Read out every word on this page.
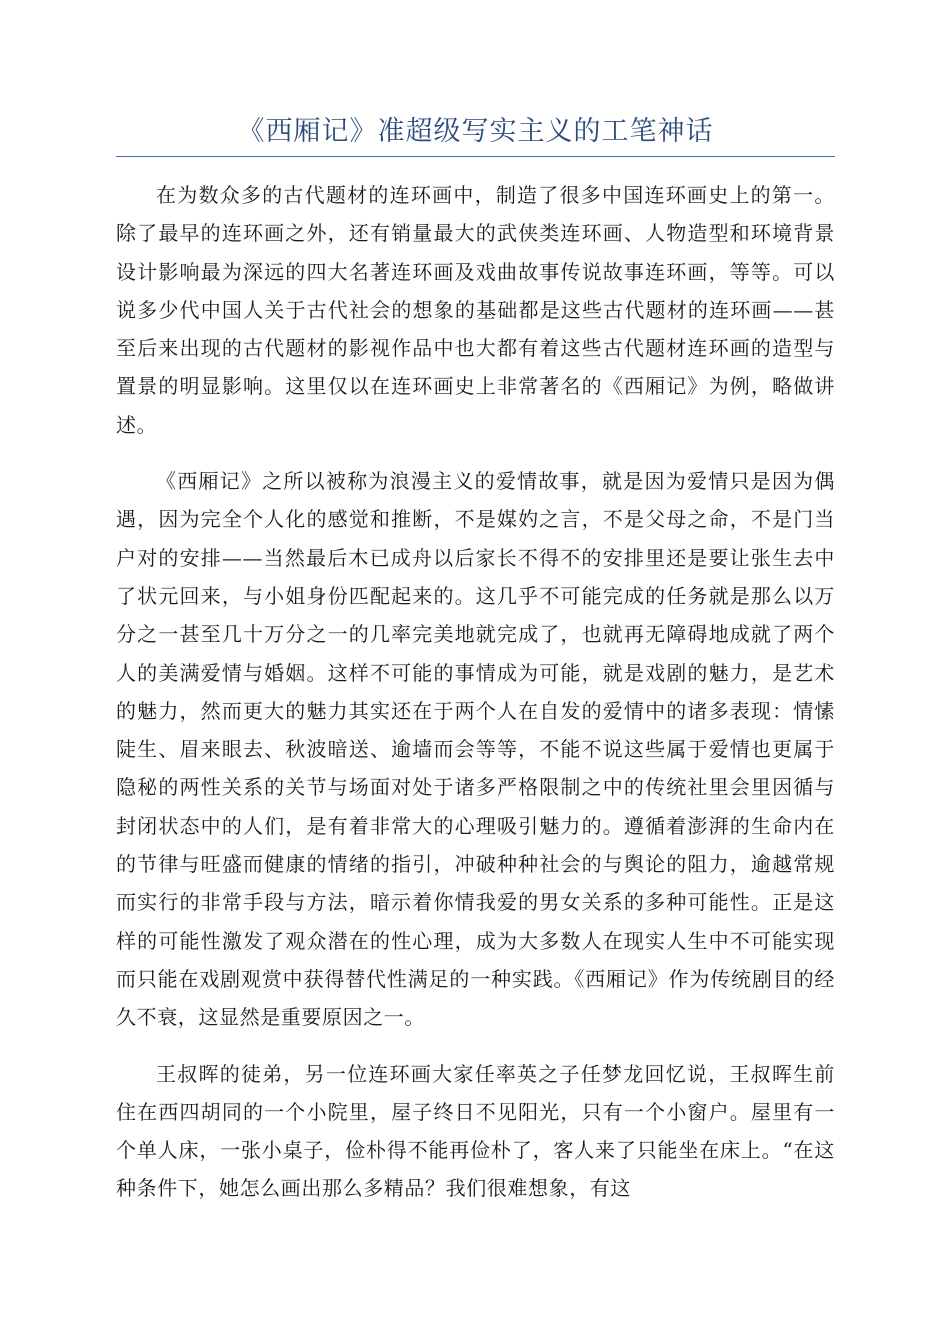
《西厢记》准超级写实主义的工笔神话

在为数众多的古代题材的连环画中，制造了很多中国连环画史上的第一。除了最早的连环画之外，还有销量最大的武侠类连环画、人物造型和环境背景设计影响最为深远的四大名著连环画及戏曲故事传说故事连环画，等等。可以说多少代中国人关于古代社会的想象的基础都是这些古代题材的连环画——甚至后来出现的古代题材的影视作品中也大都有着这些古代题材连环画的造型与置景的明显影响。这里仅以在连环画史上非常著名的《西厢记》为例，略做讲述。

《西厢记》之所以被称为浪漫主义的爱情故事，就是因为爱情只是因为偶遇，因为完全个人化的感觉和推断，不是媒妁之言，不是父母之命，不是门当户对的安排——当然最后木已成舟以后家长不得不的安排里还是要让张生去中了状元回来，与小姐身份匹配起来的。这几乎不可能完成的任务就是那么以万分之一甚至几十万分之一的几率完美地就完成了，也就再无障碍地成就了两个人的美满爱情与婚姻。这样不可能的事情成为可能，就是戏剧的魅力，是艺术的魅力，然而更大的魅力其实还在于两个人在自发的爱情中的诸多表现：情愫陡生、眉来眼去、秋波暗送、逾墙而会等等，不能不说这些属于爱情也更属于隐秘的两性关系的关节与场面对处于诸多严格限制之中的传统社里会里因循与封闭状态中的人们，是有着非常大的心理吸引魅力的。遵循着澎湃的生命内在的节律与旺盛而健康的情绪的指引，冲破种种社会的与舆论的阻力，逾越常规而实行的非常手段与方法，暗示着你情我爱的男女关系的多种可能性。正是这样的可能性激发了观众潜在的性心理，成为大多数人在现实人生中不可能实现而只能在戏剧观赏中获得替代性满足的一种实践。《西厢记》作为传统剧目的经久不衰，这显然是重要原因之一。

王叔晖的徒弟，另一位连环画大家任率英之子任梦龙回忆说，王叔晖生前住在西四胡同的一个小院里，屋子终日不见阳光，只有一个小窗户。屋里有一个单人床，一张小桌子，俭朴得不能再俭朴了，客人来了只能坐在床上。“在这种条件下，她怎么画出那么多精品？我们很难想象，有这
